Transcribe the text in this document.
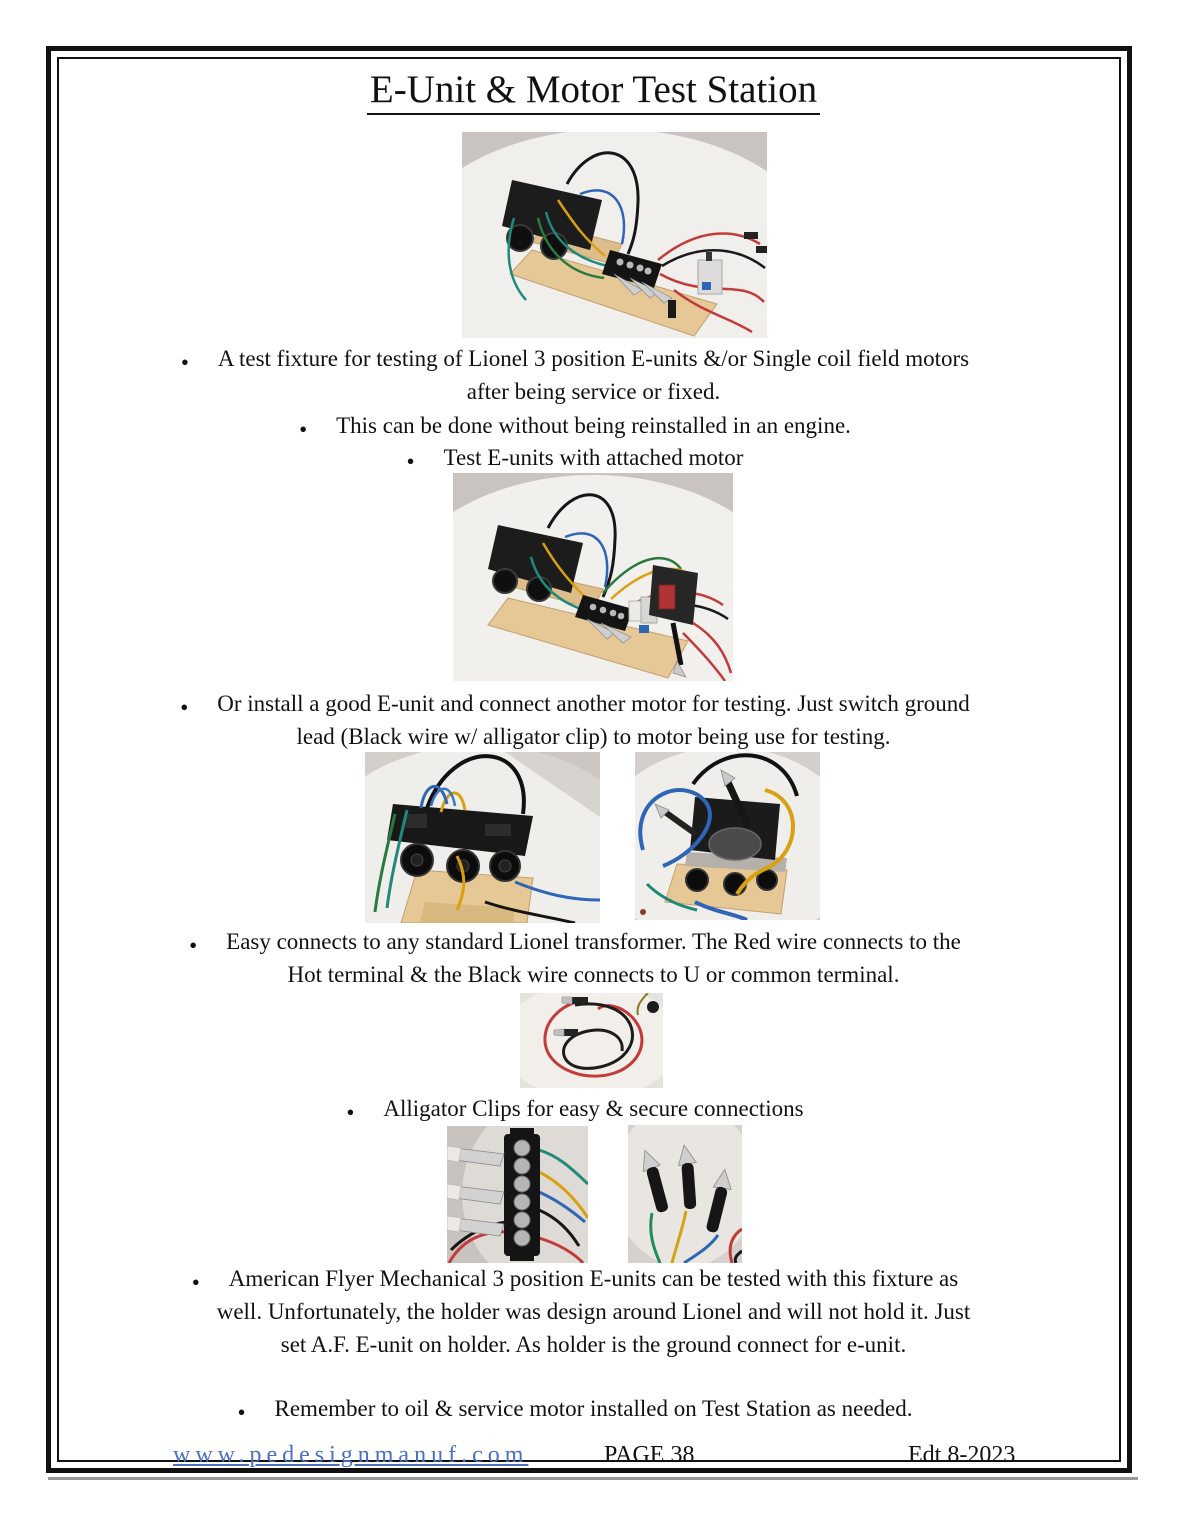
E-Unit & Motor Test Station
• A test fixture for testing of Lionel 3 position E-units &/or Single coil field motors
after being service or fixed.
• This can be done without being reinstalled in an engine.
• Test E-units with attached motor
• Or install a good E-unit and connect another motor for testing. Just switch ground
lead (Black wire w/ alligator clip) to motor being use for testing.
• Easy connects to any standard Lionel transformer. The Red wire connects to the
Hot terminal & the Black wire connects to U or common terminal.
• Alligator Clips for easy & secure connections
• American Flyer Mechanical 3 position E-units can be tested with this fixture as
well. Unfortunately, the holder was design around Lionel and will not hold it. Just
set A.F. E-unit on holder. As holder is the ground connect for e-unit.
• Remember to oil & service motor installed on Test Station as needed.
www.pedesignmanuf.com	PAGE 38	Edt 8-2023
